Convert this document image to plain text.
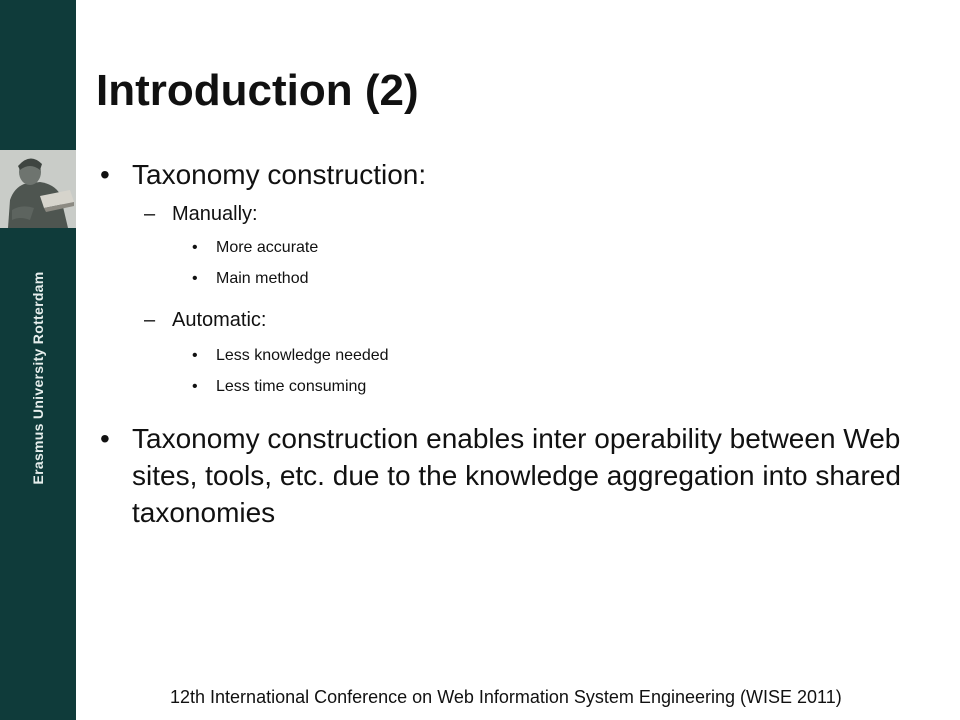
Erasmus University Rotterdam
Introduction (2)
• Taxonomy construction:
– Manually:
• More accurate
• Main method
– Automatic:
• Less knowledge needed
• Less time consuming
• Taxonomy construction enables inter operability between Web sites, tools, etc. due to the knowledge aggregation into shared taxonomies
12th International Conference on Web Information System Engineering (WISE 2011)
